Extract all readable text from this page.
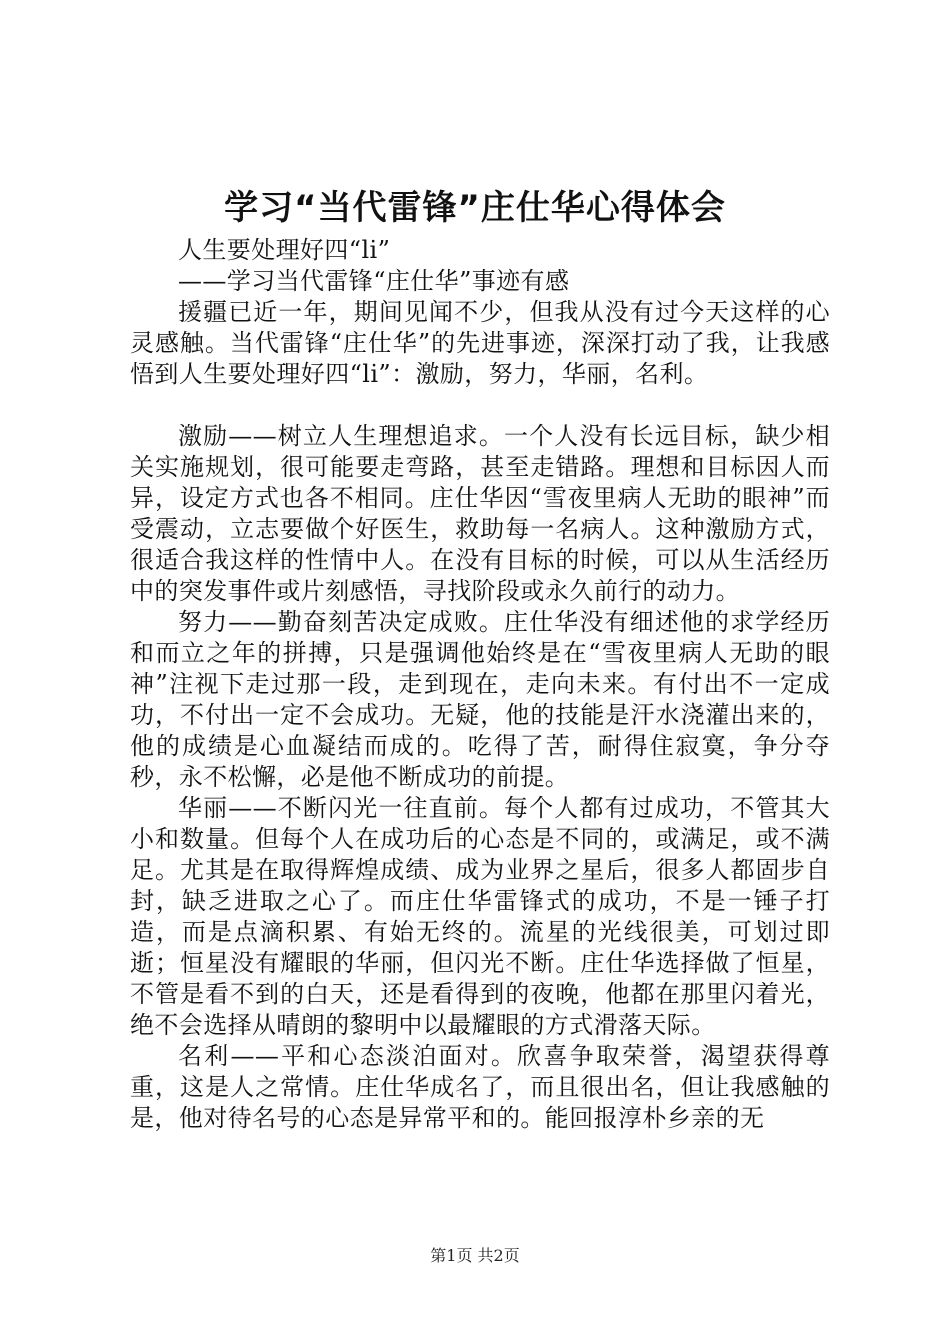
学习“当代雷锋”庄仕华心得体会

人生要处理好四“li”

——学习当代雷锋“庄仕华”事迹有感

援疆已近一年，期间见闻不少，但我从没有过今天这样的心灵感触。当代雷锋“庄仕华”的先进事迹，深深打动了我，让我感悟到人生要处理好四“li”：激励，努力，华丽，名利。

激励——树立人生理想追求。一个人没有长远目标，缺少相关实施规划，很可能要走弯路，甚至走错路。理想和目标因人而异，设定方式也各不相同。庄仕华因“雪夜里病人无助的眼神”而受震动，立志要做个好医生，救助每一名病人。这种激励方式，很适合我这样的性情中人。在没有目标的时候，可以从生活经历中的突发事件或片刻感悟，寻找阶段或永久前行的动力。

努力——勤奋刻苦决定成败。庄仕华没有细述他的求学经历和而立之年的拼搏，只是强调他始终是在“雪夜里病人无助的眼神”注视下走过那一段，走到现在，走向未来。有付出不一定成功，不付出一定不会成功。无疑，他的技能是汗水浇灌出来的，他的成绩是心血凝结而成的。吃得了苦，耐得住寂寞，争分夺秒，永不松懈，必是他不断成功的前提。

华丽——不断闪光一往直前。每个人都有过成功，不管其大小和数量。但每个人在成功后的心态是不同的，或满足，或不满足。尤其是在取得辉煌成绩、成为业界之星后，很多人都固步自封，缺乏进取之心了。而庄仕华雷锋式的成功，不是一锤子打造，而是点滴积累、有始无终的。流星的光线很美，可划过即逝；恒星没有耀眼的华丽，但闪光不断。庄仕华选择做了恒星，不管是看不到的白天，还是看得到的夜晚，他都在那里闪着光，绝不会选择从晴朗的黎明中以最耀眼的方式滑落天际。

名利——平和心态淡泊面对。欣喜争取荣誉，渴望获得尊重，这是人之常情。庄仕华成名了，而且很出名，但让我感触的是，他对待名号的心态是异常平和的。能回报淳朴乡亲的无

第1页 共2页
